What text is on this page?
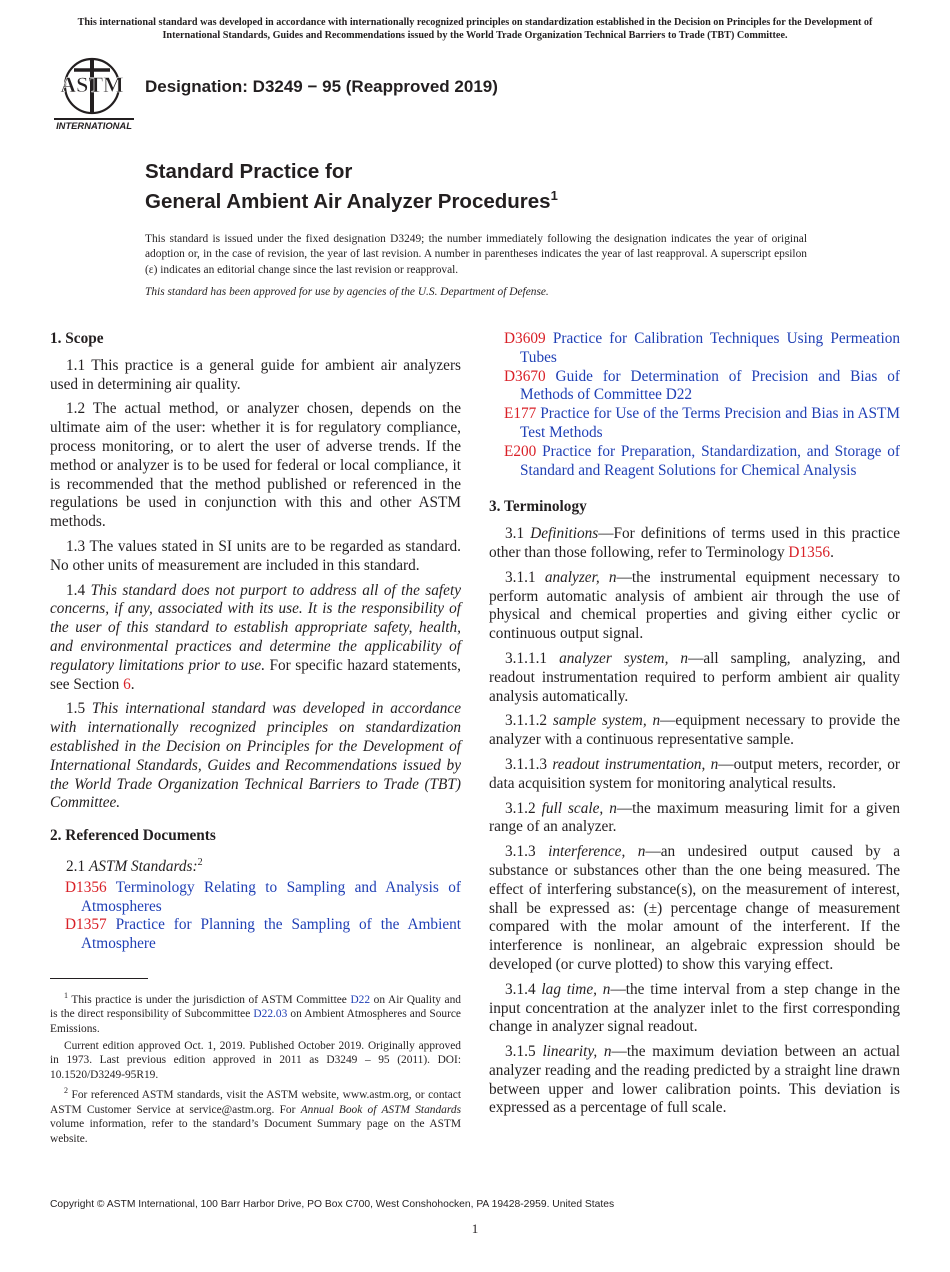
This international standard was developed in accordance with internationally recognized principles on standardization established in the Decision on Principles for the Development of International Standards, Guides and Recommendations issued by the World Trade Organization Technical Barriers to Trade (TBT) Committee.
ASTM
INTERNATIONAL
Designation: D3249 − 95 (Reapproved 2019)
Standard Practice for
General Ambient Air Analyzer Procedures$^1$
This standard is issued under the fixed designation D3249; the number immediately following the designation indicates the year of original adoption or, in the case of revision, the year of last revision. A number in parentheses indicates the year of last reapproval. A superscript epsilon (ε) indicates an editorial change since the last revision or reapproval.
This standard has been approved for use by agencies of the U.S. Department of Defense.
1. Scope

1.1 This practice is a general guide for ambient air analyzers used in determining air quality.

1.2 The actual method, or analyzer chosen, depends on the ultimate aim of the user: whether it is for regulatory compliance, process monitoring, or to alert the user of adverse trends. If the method or analyzer is to be used for federal or local compliance, it is recommended that the method published or referenced in the regulations be used in conjunction with this and other ASTM methods.

1.3 The values stated in SI units are to be regarded as standard. No other units of measurement are included in this standard.

1.4 This standard does not purport to address all of the safety concerns, if any, associated with its use. It is the responsibility of the user of this standard to establish appropriate safety, health, and environmental practices and determine the applicability of regulatory limitations prior to use. For specific hazard statements, see Section 6.

1.5 This international standard was developed in accordance with internationally recognized principles on standardization established in the Decision on Principles for the Development of International Standards, Guides and Recommendations issued by the World Trade Organization Technical Barriers to Trade (TBT) Committee.

2. Referenced Documents

2.1 ASTM Standards:$^2$

D1356 Terminology Relating to Sampling and Analysis of Atmospheres

D1357 Practice for Planning the Sampling of the Ambient Atmosphere

$^1$ This practice is under the jurisdiction of ASTM Committee D22 on Air Quality and is the direct responsibility of Subcommittee D22.03 on Ambient Atmospheres and Source Emissions.

Current edition approved Oct. 1, 2019. Published October 2019. Originally approved in 1973. Last previous edition approved in 2011 as D3249 – 95 (2011). DOI: 10.1520/D3249-95R19.

$^2$ For referenced ASTM standards, visit the ASTM website, www.astm.org, or contact ASTM Customer Service at service@astm.org. For Annual Book of ASTM Standards volume information, refer to the standard’s Document Summary page on the ASTM website.

D3609 Practice for Calibration Techniques Using Permeation Tubes

D3670 Guide for Determination of Precision and Bias of Methods of Committee D22

E177 Practice for Use of the Terms Precision and Bias in ASTM Test Methods

E200 Practice for Preparation, Standardization, and Storage of Standard and Reagent Solutions for Chemical Analysis

3. Terminology

3.1 Definitions—For definitions of terms used in this practice other than those following, refer to Terminology D1356.

3.1.1 analyzer, n—the instrumental equipment necessary to perform automatic analysis of ambient air through the use of physical and chemical properties and giving either cyclic or continuous output signal.

3.1.1.1 analyzer system, n—all sampling, analyzing, and readout instrumentation required to perform ambient air quality analysis automatically.

3.1.1.2 sample system, n—equipment necessary to provide the analyzer with a continuous representative sample.

3.1.1.3 readout instrumentation, n—output meters, recorder, or data acquisition system for monitoring analytical results.

3.1.2 full scale, n—the maximum measuring limit for a given range of an analyzer.

3.1.3 interference, n—an undesired output caused by a substance or substances other than the one being measured. The effect of interfering substance(s), on the measurement of interest, shall be expressed as: (±) percentage change of measurement compared with the molar amount of the interferent. If the interference is nonlinear, an algebraic expression should be developed (or curve plotted) to show this varying effect.

3.1.4 lag time, n—the time interval from a step change in the input concentration at the analyzer inlet to the first corresponding change in analyzer signal readout.

3.1.5 linearity, n—the maximum deviation between an actual analyzer reading and the reading predicted by a straight line drawn between upper and lower calibration points. This deviation is expressed as a percentage of full scale.

Copyright © ASTM International, 100 Barr Harbor Drive, PO Box C700, West Conshohocken, PA 19428-2959. United States
1
